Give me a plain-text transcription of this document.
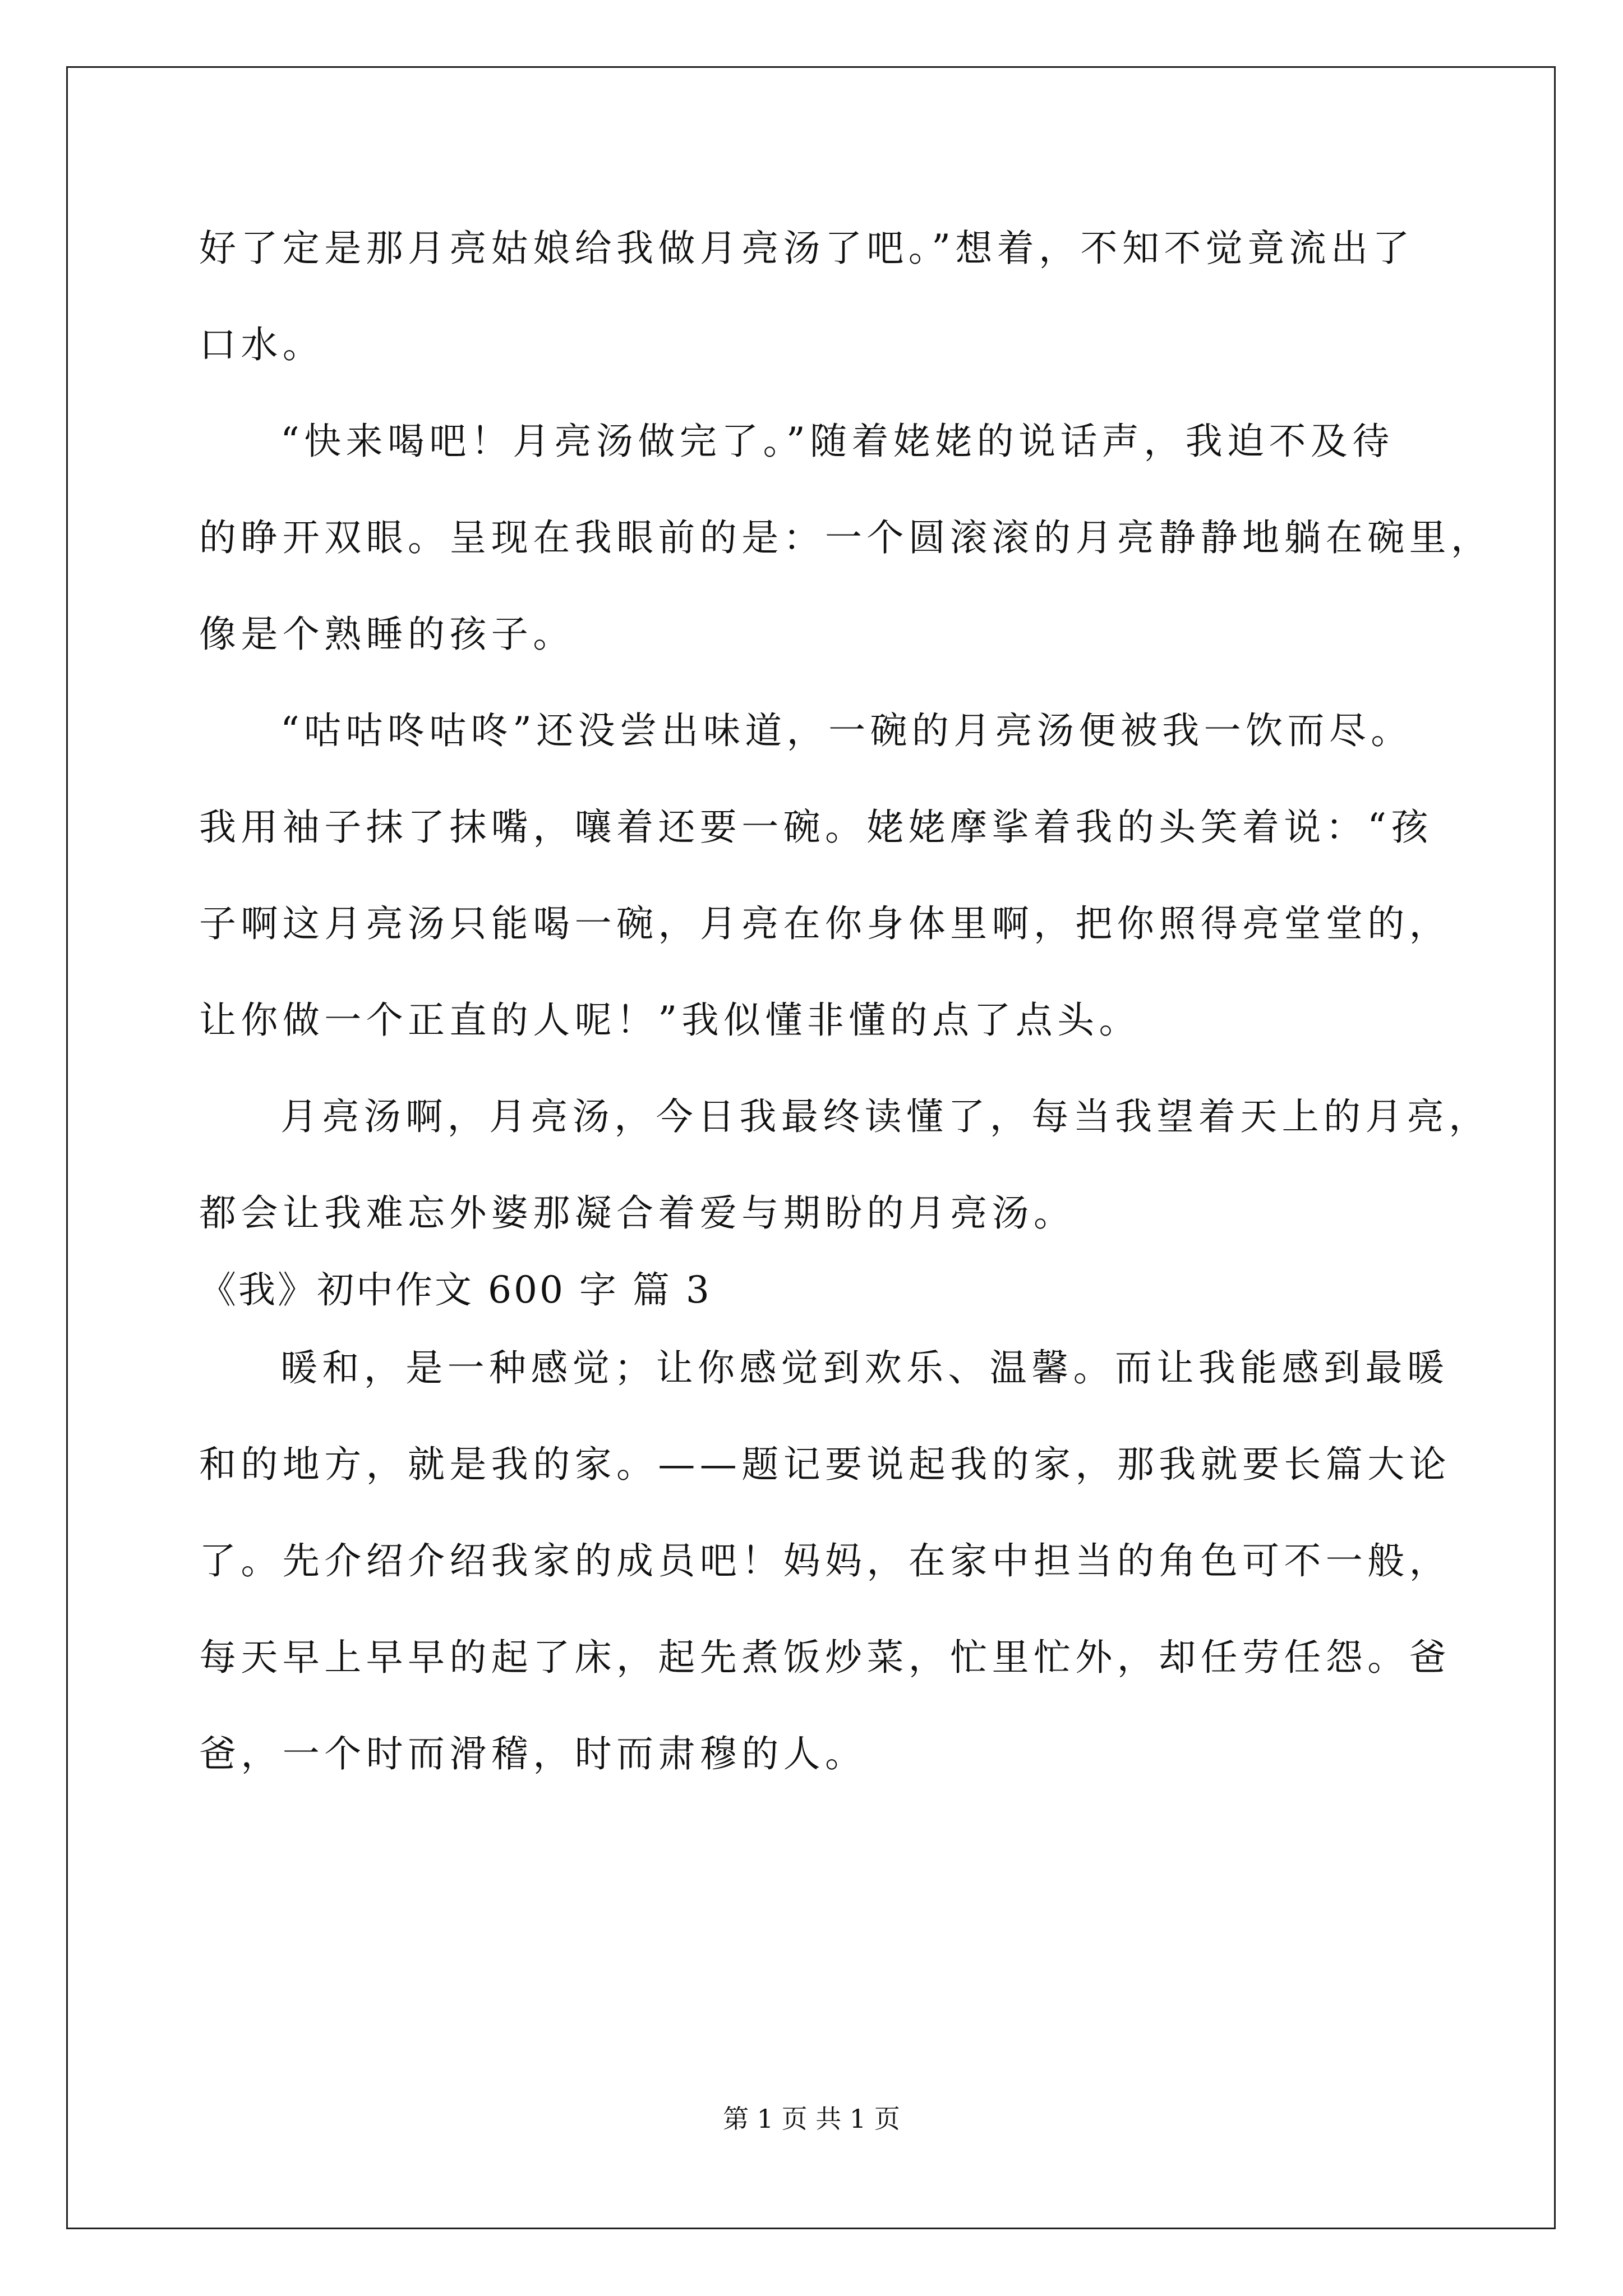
好了定是那月亮姑娘给我做月亮汤了吧。”想着，不知不觉竟流出了
口水。
“快来喝吧！月亮汤做完了。”随着姥姥的说话声，我迫不及待
的睁开双眼。呈现在我眼前的是：一个圆滚滚的月亮静静地躺在碗里，
像是个熟睡的孩子。
“咕咕咚咕咚”还没尝出味道，一碗的月亮汤便被我一饮而尽。
我用袖子抹了抹嘴，嚷着还要一碗。姥姥摩挲着我的头笑着说：“孩
子啊这月亮汤只能喝一碗，月亮在你身体里啊，把你照得亮堂堂的，
让你做一个正直的人呢！”我似懂非懂的点了点头。
月亮汤啊，月亮汤，今日我最终读懂了，每当我望着天上的月亮，
都会让我难忘外婆那凝合着爱与期盼的月亮汤。
《我》初中作文 600 字 篇 3
暖和，是一种感觉；让你感觉到欢乐、温馨。而让我能感到最暖
和的地方，就是我的家。——题记要说起我的家，那我就要长篇大论
了。先介绍介绍我家的成员吧！妈妈，在家中担当的角色可不一般，
每天早上早早的起了床，起先煮饭炒菜，忙里忙外，却任劳任怨。爸
爸，一个时而滑稽，时而肃穆的人。
第 1 页 共 1 页
